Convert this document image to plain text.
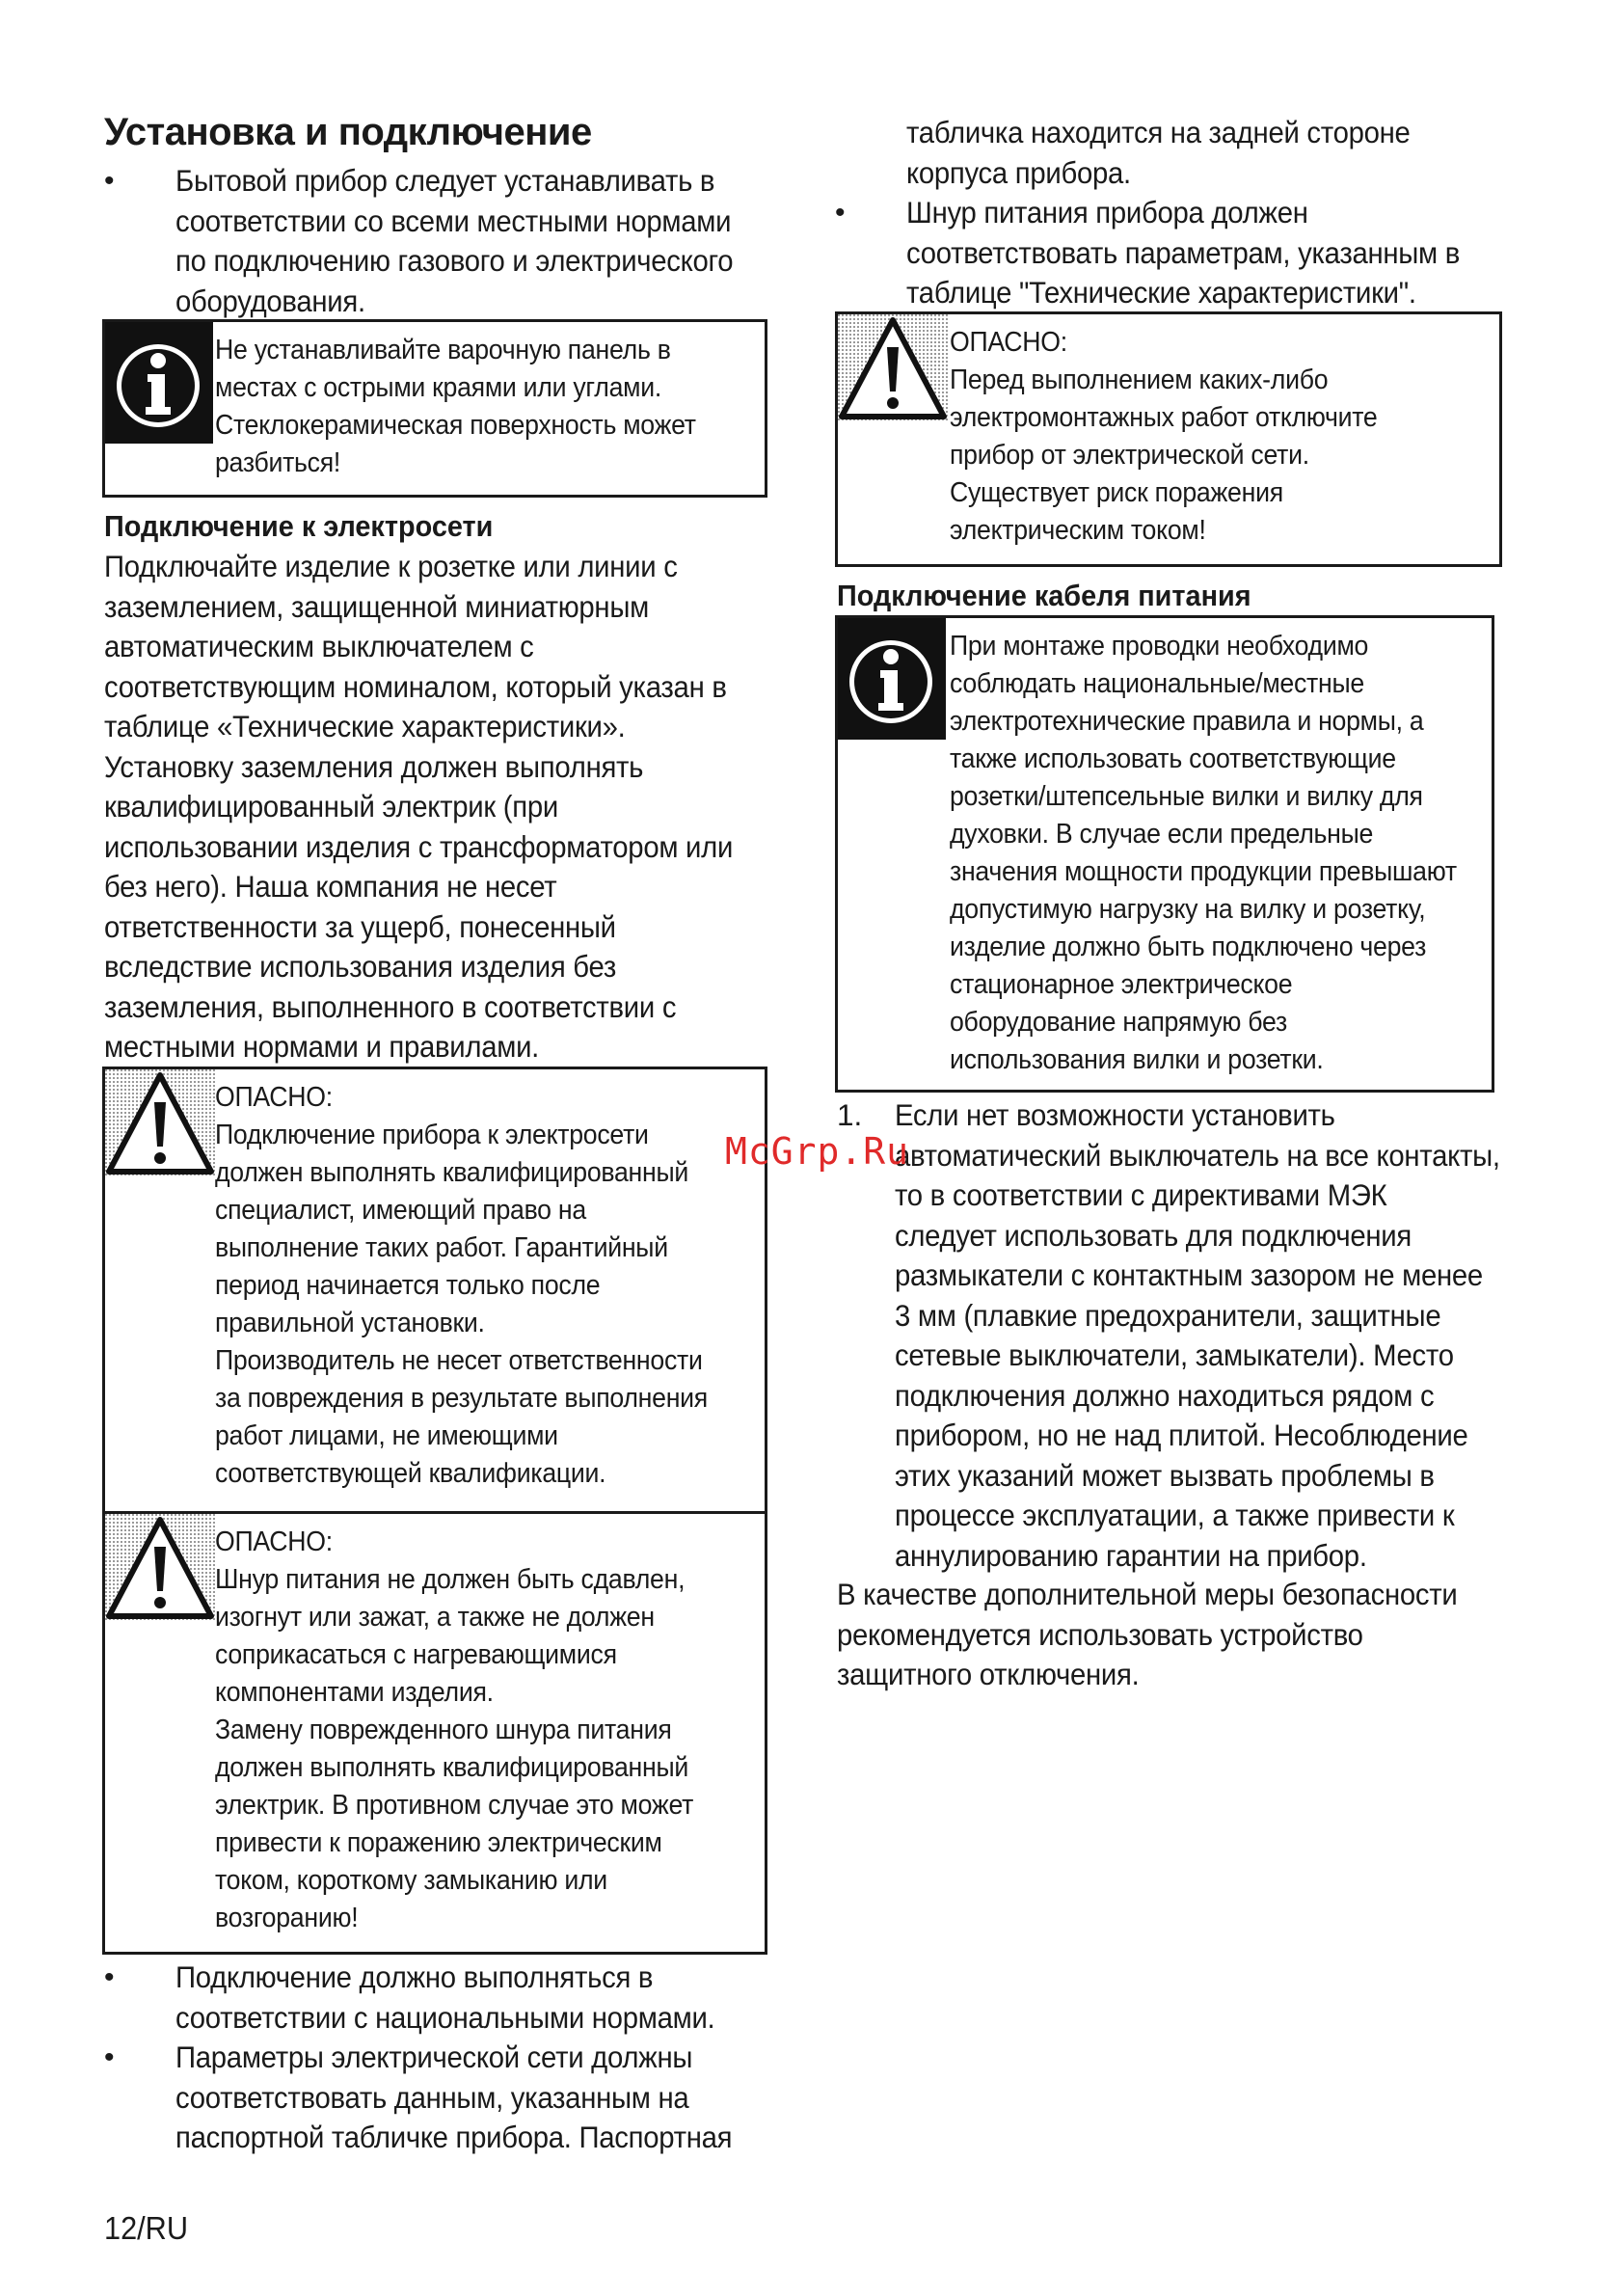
Установка и подключение
• Бытовой прибор следует устанавливать в
соответствии со всеми местными нормами
по подключению газового и электрического
оборудования.
Не устанавливайте варочную панель в
местах с острыми краями или углами.
Стеклокерамическая поверхность может
разбиться!
Подключение к электросети
Подключайте изделие к розетке или линии с
заземлением, защищенной миниатюрным
автоматическим выключателем с
соответствующим номиналом, который указан в
таблице «Технические характеристики».
Установку заземления должен выполнять
квалифицированный электрик (при
использовании изделия с трансформатором или
без него). Наша компания не несет
ответственности за ущерб, понесенный
вследствие использования изделия без
заземления, выполненного в соответствии с
местными нормами и правилами.
ОПАСНО:
Подключение прибора к электросети
должен выполнять квалифицированный
специалист, имеющий право на
выполнение таких работ. Гарантийный
период начинается только после
правильной установки.
Производитель не несет ответственности
за повреждения в результате выполнения
работ лицами, не имеющими
соответствующей квалификации.
ОПАСНО:
Шнур питания не должен быть сдавлен,
изогнут или зажат, а также не должен
соприкасаться с нагревающимися
компонентами изделия.
Замену поврежденного шнура питания
должен выполнять квалифицированный
электрик. В противном случае это может
привести к поражению электрическим
током, короткому замыканию или
возгоранию!
• Подключение должно выполняться в
соответствии с национальными нормами.
• Параметры электрической сети должны
соответствовать данным, указанным на
паспортной табличке прибора. Паспортная
табличка находится на задней стороне
корпуса прибора.
• Шнур питания прибора должен
соответствовать параметрам, указанным в
таблице "Технические характеристики".
ОПАСНО:
Перед выполнением каких-либо
электромонтажных работ отключите
прибор от электрической сети.
Существует риск поражения
электрическим током!
Подключение кабеля питания
При монтаже проводки необходимо
соблюдать национальные/местные
электротехнические правила и нормы, а
также использовать соответствующие
розетки/штепсельные вилки и вилку для
духовки. В случае если предельные
значения мощности продукции превышают
допустимую нагрузку на вилку и розетку,
изделие должно быть подключено через
стационарное электрическое
оборудование напрямую без
использования вилки и розетки.
1. Если нет возможности установить
автоматический выключатель на все контакты,
то в соответствии с директивами МЭК
следует использовать для подключения
размыкатели с контактным зазором не менее
3 мм (плавкие предохранители, защитные
сетевые выключатели, замыкатели). Место
подключения должно находиться рядом с
прибором, но не над плитой. Несоблюдение
этих указаний может вызвать проблемы в
процессе эксплуатации, а также привести к
аннулированию гарантии на прибор.
В качестве дополнительной меры безопасности
рекомендуется использовать устройство
защитного отключения.
McGrp.Ru
12/RU
